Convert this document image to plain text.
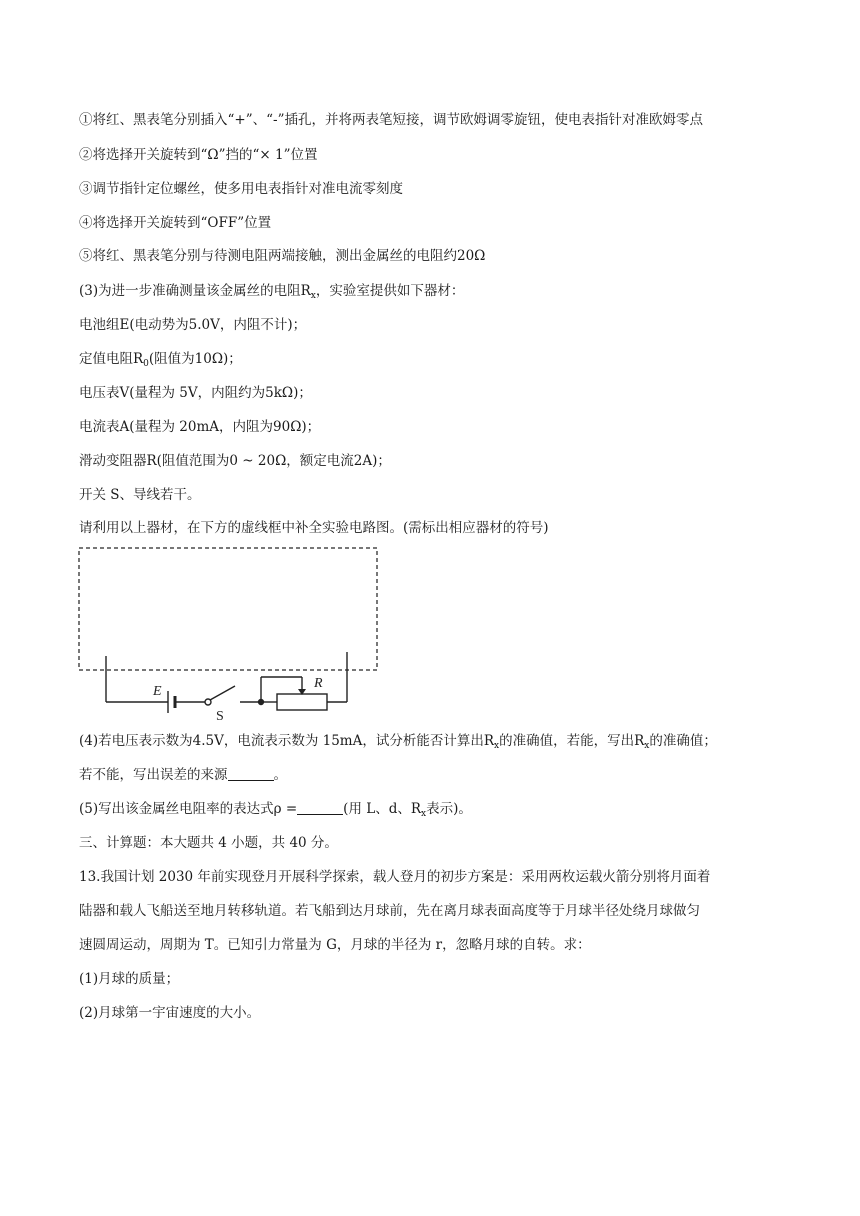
①将红、黑表笔分别插入“+”、“-”插孔，并将两表笔短接，调节欧姆调零旋钮，使电表指针对准欧姆零点
②将选择开关旋转到“Ω”挡的“× 1”位置
③调节指针定位螺丝，使多用电表指针对准电流零刻度
④将选择开关旋转到“OFF”位置
⑤将红、黑表笔分别与待测电阻两端接触，测出金属丝的电阻约20Ω
(3)为进一步准确测量该金属丝的电阻$R_x$，实验室提供如下器材：
电池组E(电动势为5.0V，内阻不计)；
定值电阻$R_0$(阻值为10Ω)；
电压表V(量程为 5V，内阻约为5kΩ)；
电流表A(量程为 20mA，内阻为90Ω)；
滑动变阻器R(阻值范围为0 ~ 20Ω，额定电流2A)；
开关 S、导线若干。
请利用以上器材，在下方的虚线框中补全实验电路图。(需标出相应器材的符号)
E
S
R
(4)若电压表示数为4.5V，电流表示数为 15mA，试分析能否计算出$R_x$的准确值，若能，写出$R_x$的准确值；
若不能，写出误差的来源	。
(5)写出该金属丝电阻率的表达式ρ =	(用 L、d、$R_x$表示)。
三、计算题：本大题共 4 小题，共 40 分。
13.我国计划 2030 年前实现登月开展科学探索，载人登月的初步方案是：采用两枚运载火箭分别将月面着
陆器和载人飞船送至地月转移轨道。若飞船到达月球前，先在离月球表面高度等于月球半径处绕月球做匀
速圆周运动，周期为 T。已知引力常量为 G，月球的半径为 r，忽略月球的自转。求：
(1)月球的质量；
(2)月球第一宇宙速度的大小。
